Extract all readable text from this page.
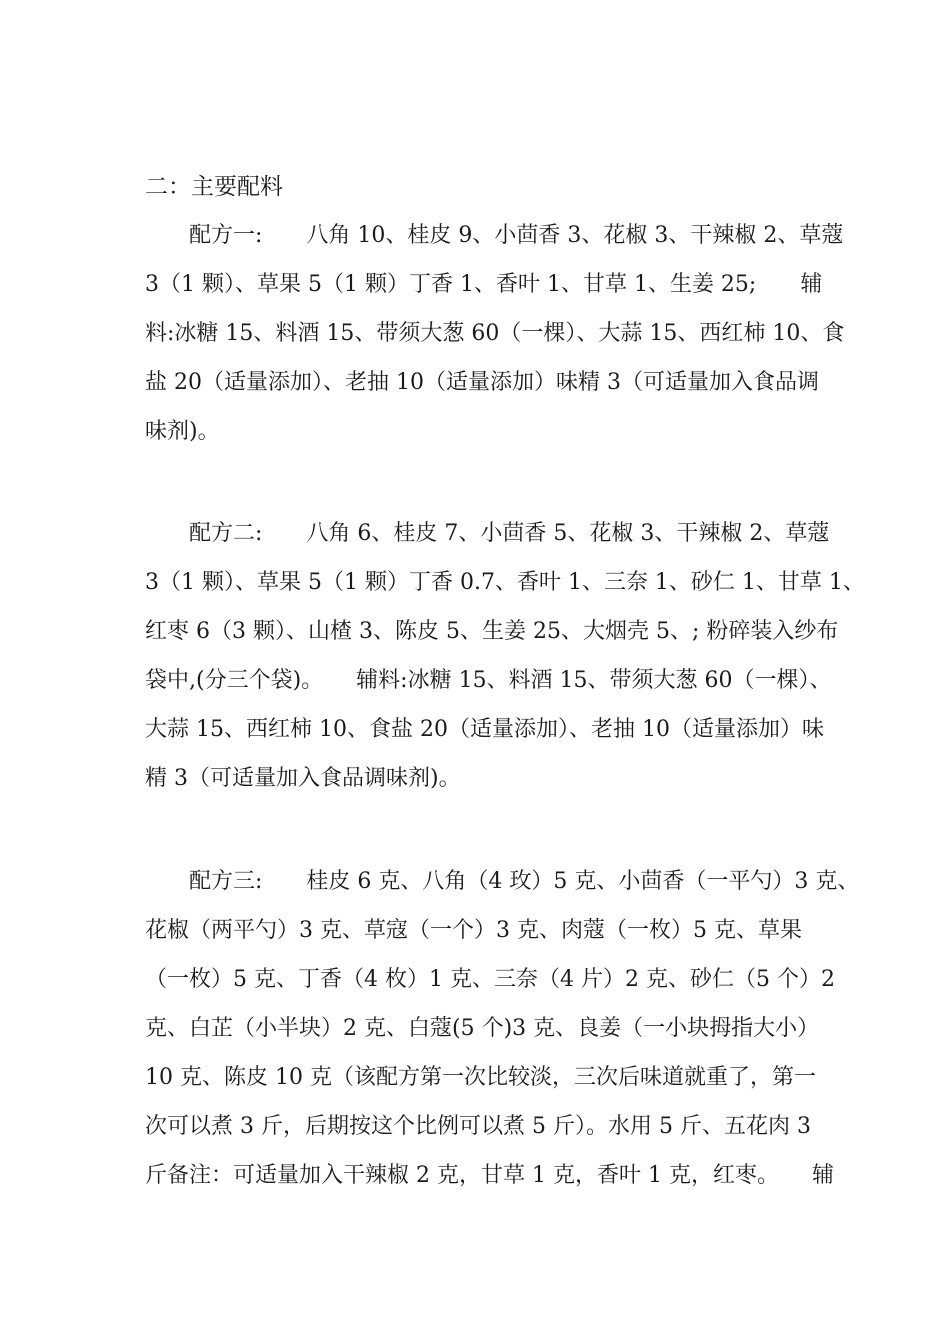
二：主要配料
配方一:　　八角 10、桂皮 9、小茴香 3、花椒 3、干辣椒 2、草蔻
3（1 颗）、草果 5（1 颗）丁香 1、香叶 1、甘草 1、生姜 25;　　辅
料:冰糖 15、料酒 15、带须大葱 60（一棵）、大蒜 15、西红柿 10、食
盐 20（适量添加）、老抽 10（适量添加）味精 3（可适量加入食品调
味剂)。
配方二:　　八角 6、桂皮 7、小茴香 5、花椒 3、干辣椒 2、草蔻
3（1 颗）、草果 5（1 颗）丁香 0.7、香叶 1、三奈 1、砂仁 1、甘草 1、
红枣 6（3 颗）、山楂 3、陈皮 5、生姜 25、大烟壳 5、; 粉碎装入纱布
袋中,(分三个袋)。　　辅料:冰糖 15、料酒 15、带须大葱 60（一棵）、
大蒜 15、西红柿 10、食盐 20（适量添加）、老抽 10（适量添加）味
精 3（可适量加入食品调味剂)。
配方三:　　桂皮 6 克、八角（4 玫）5 克、小茴香（一平勺）3 克、
花椒（两平勺）3 克、草寇（一个）3 克、肉蔻（一枚）5 克、草果
（一枚）5 克、丁香（4 枚）1 克、三奈（4 片）2 克、砂仁（5 个）2
克、白芷（小半块）2 克、白蔻(5 个)3 克、良姜（一小块拇指大小）
10 克、陈皮 10 克（该配方第一次比较淡，三次后味道就重了，第一
次可以煮 3 斤，后期按这个比例可以煮 5 斤）。水用 5 斤、五花肉 3
斤备注：可适量加入干辣椒 2 克，甘草 1 克，香叶 1 克，红枣。　　辅
